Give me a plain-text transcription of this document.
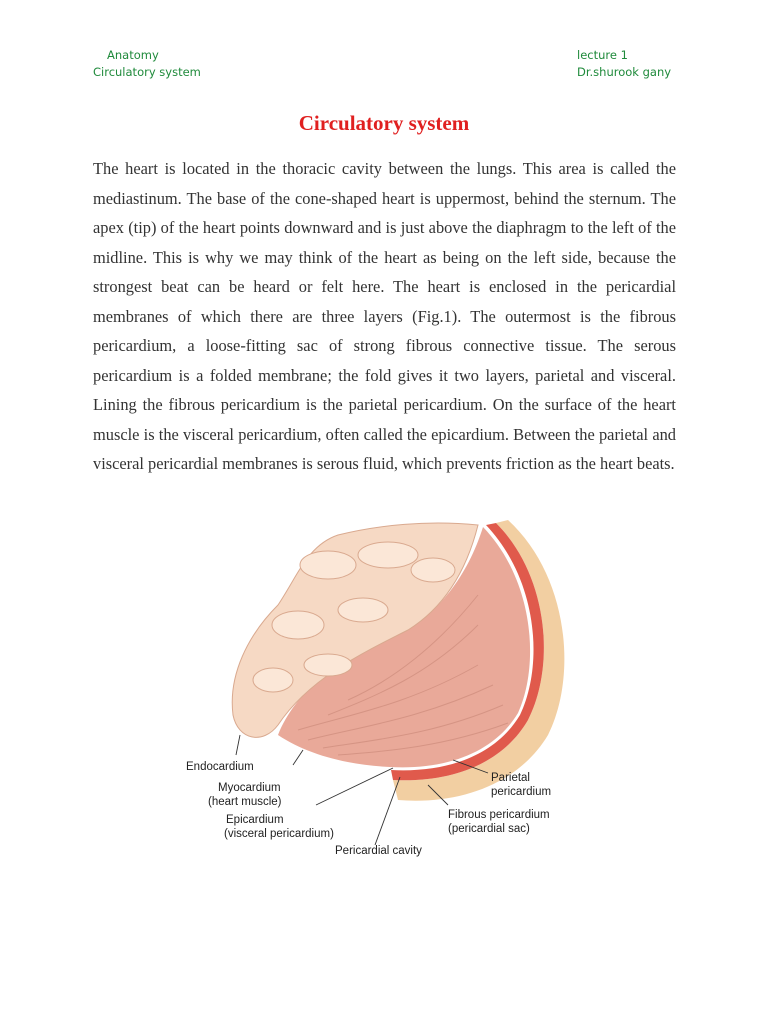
Anatomy
Circulatory system
lecture 1
Dr.shurook gany
Circulatory system

The heart is located in the thoracic cavity between the lungs. This area is called the mediastinum. The base of the cone-shaped heart is uppermost, behind the sternum. The apex (tip) of the heart points downward and is just above the diaphragm to the left of the midline. This is why we may think of the heart as being on the left side, because the strongest beat can be heard or felt here. The heart is enclosed in the pericardial membranes of which there are three layers (Fig.1). The outermost is the fibrous pericardium, a loose-fitting sac of strong fibrous connective tissue. The serous pericardium is a folded membrane; the fold gives it two layers, parietal and visceral. Lining the fibrous pericardium is the parietal pericardium. On the surface of the heart muscle is the visceral pericardium, often called the epicardium. Between the parietal and visceral pericardial membranes is serous fluid, which prevents friction as the heart beats.

Endocardium
Myocardium
(heart muscle)
Epicardium
(visceral pericardium)
Pericardial cavity
Parietal
pericardium
Fibrous pericardium
(pericardial sac)
